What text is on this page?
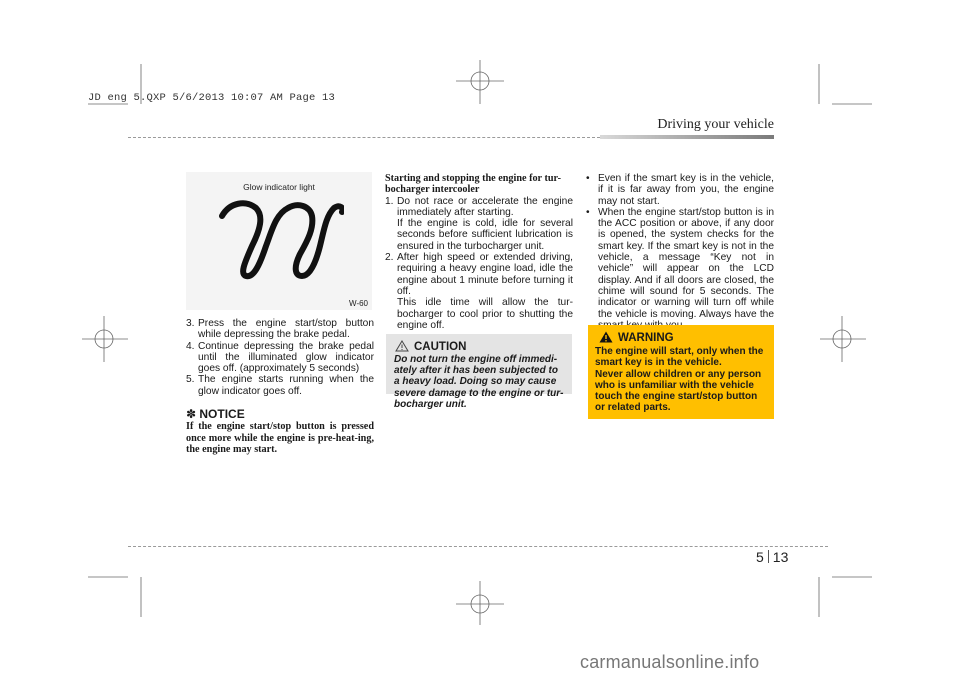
JD eng 5.QXP 5/6/2013 10:07 AM Page 13
Driving your vehicle
Glow indicator light
W-60
3. Press the engine start/stop button while depressing the brake pedal.
4. Continue depressing the brake pedal until the illuminated glow indicator goes off. (approximately 5 seconds)
5. The engine starts running when the glow indicator goes off.
✽ NOTICE
If the engine start/stop button is pressed once more while the engine is pre-heat-ing, the engine may start.
Starting and stopping the engine for tur-bocharger intercooler
1. Do not race or accelerate the engine immediately after starting.
If the engine is cold, idle for several seconds before sufficient lubrication is ensured in the turbocharger unit.
2. After high speed or extended driving, requiring a heavy engine load, idle the engine about 1 minute before turning it off.
This idle time will allow the tur-bocharger to cool prior to shutting the engine off.
CAUTION
Do not turn the engine off immedi-ately after it has been subjected to a heavy load. Doing so may cause severe damage to the engine or tur-bocharger unit.
• Even if the smart key is in the vehicle, if it is far away from you, the engine may not start.
• When the engine start/stop button is in the ACC position or above, if any door is opened, the system checks for the smart key. If the smart key is not in the vehicle, a message “Key not in vehicle” will appear on the LCD display. And if all doors are closed, the chime will sound for 5 seconds. The indicator or warning will turn off while the vehicle is moving. Always have the
WARNING
The engine will start, only when the smart key is in the vehicle.
Never allow children or any person who is unfamiliar with the vehicle touch the engine start/stop button or related parts.
5 13
carmanualsonline.info
